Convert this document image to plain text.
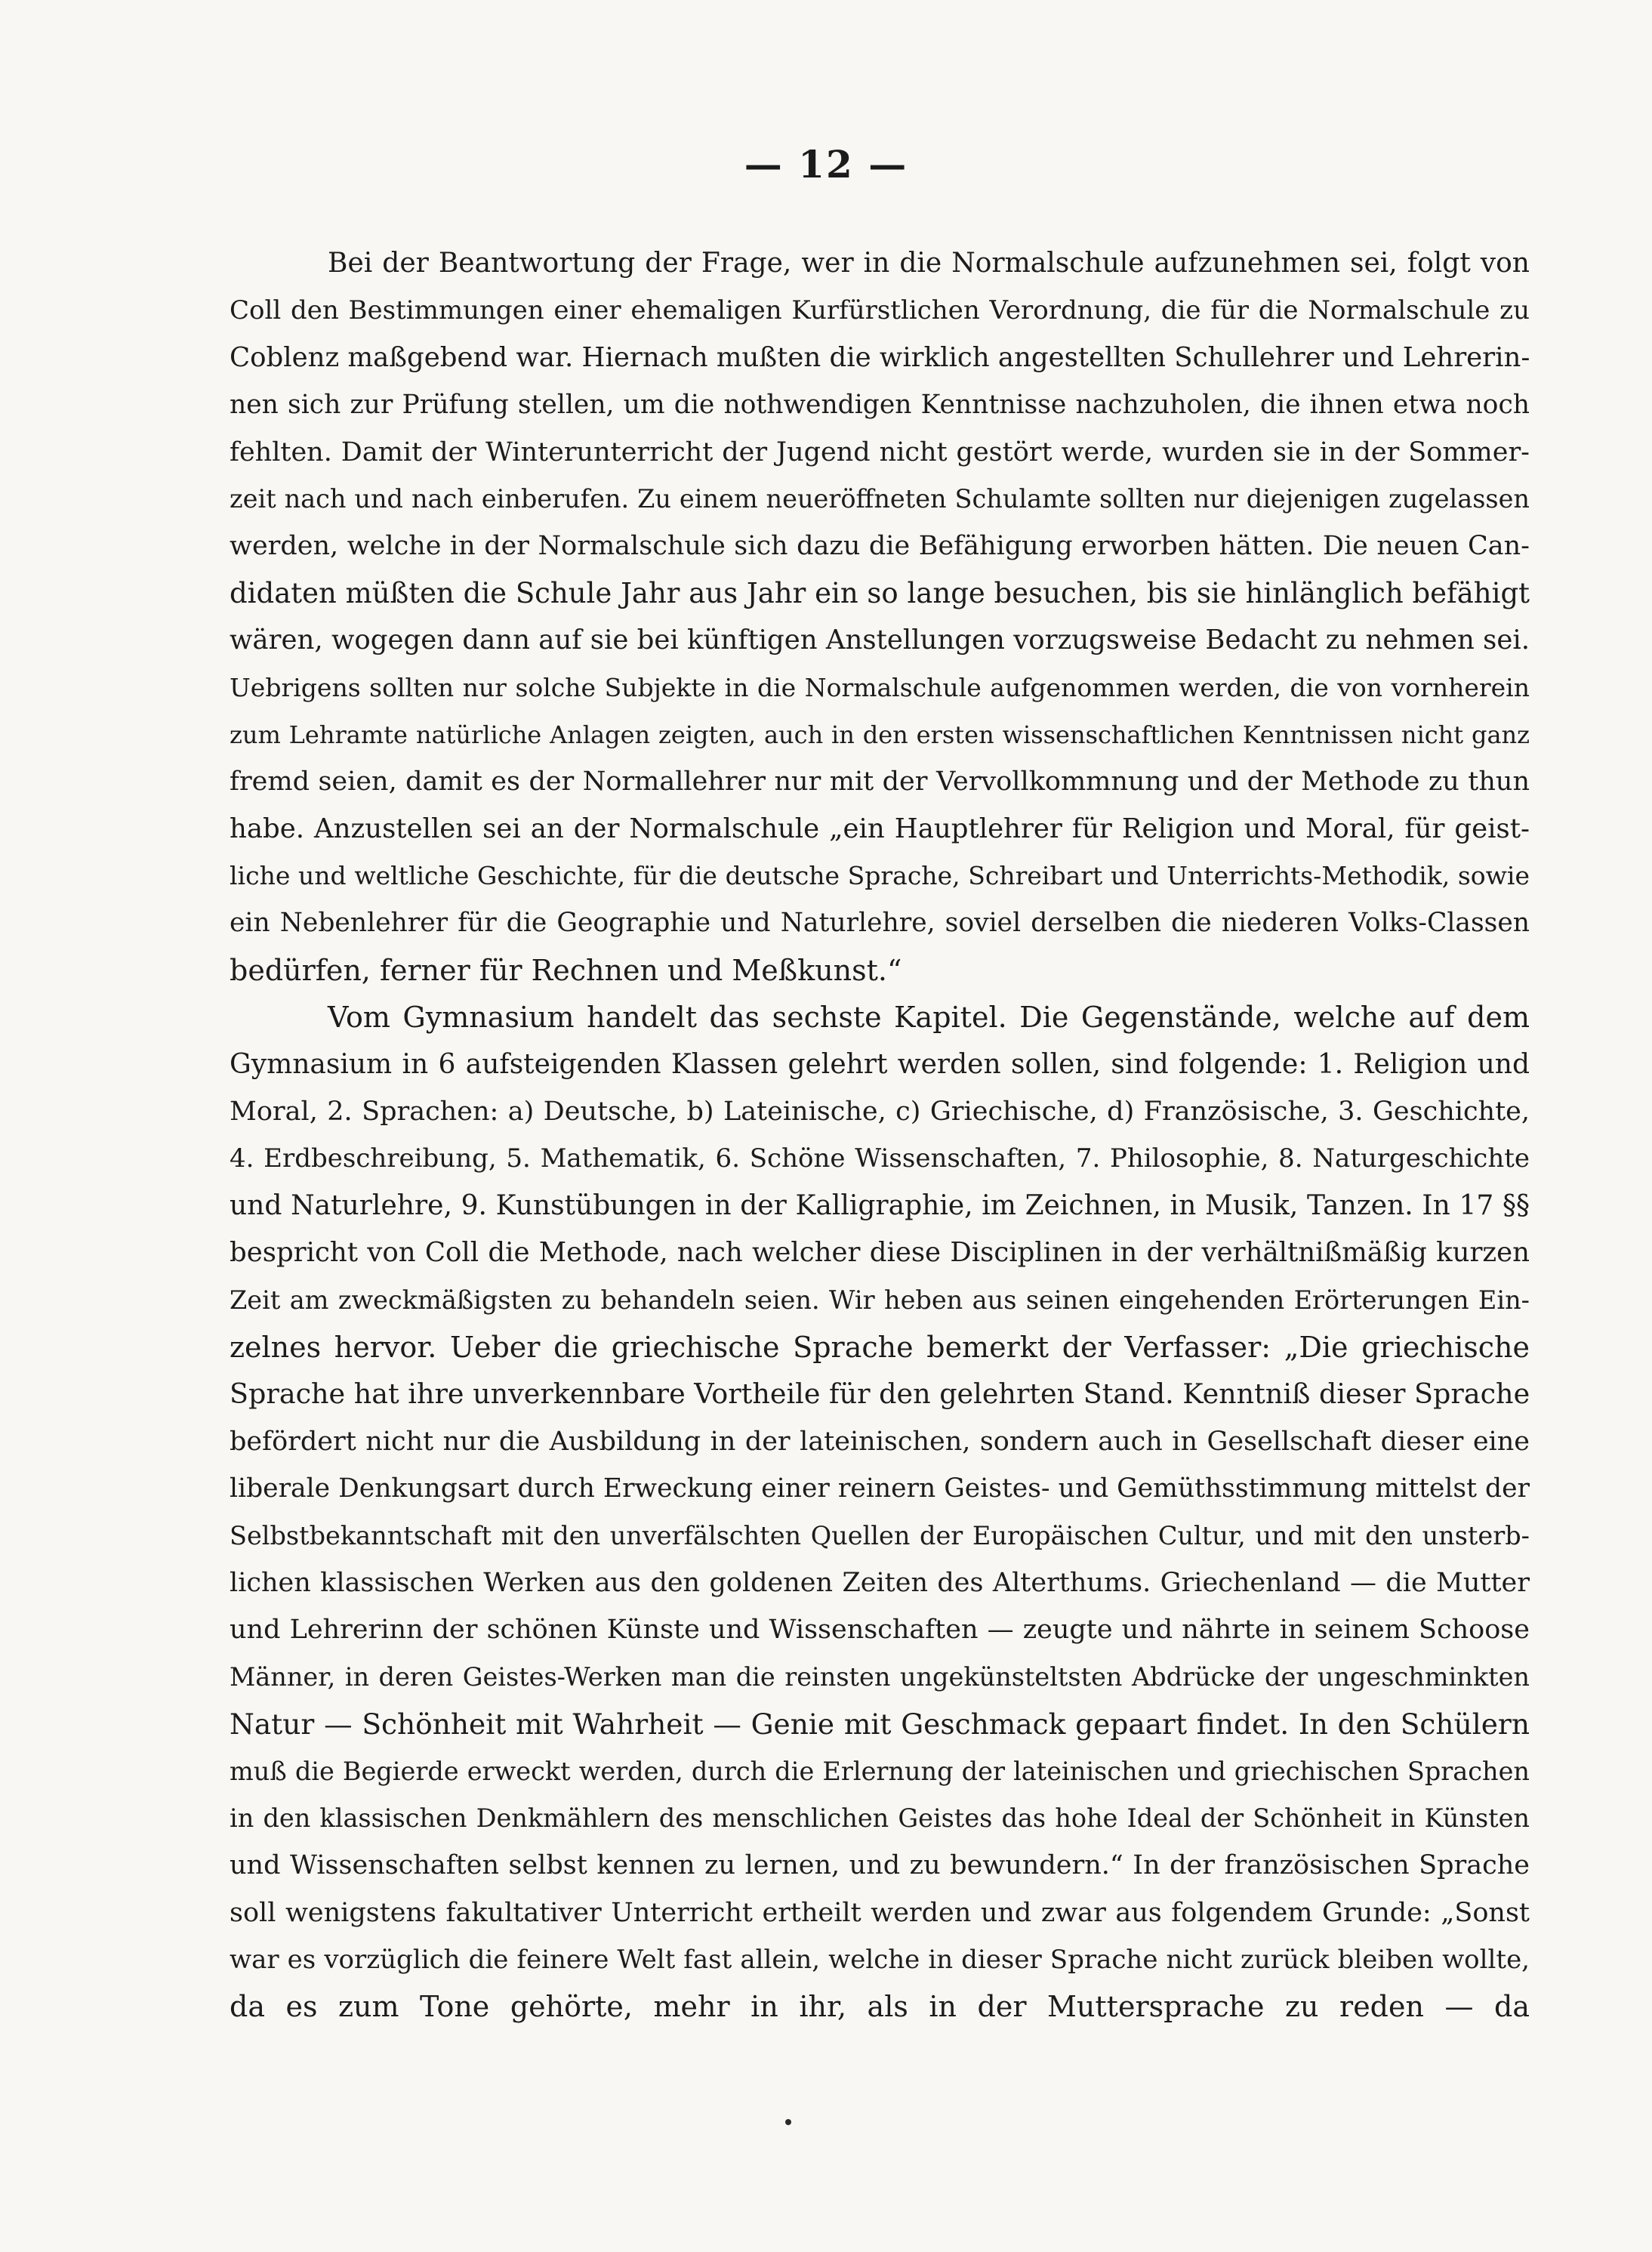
— 12 —
Bei der Beantwortung der Frage, wer in die Normalschule aufzunehmen sei, folgt von
Coll den Bestimmungen einer ehemaligen Kurfürstlichen Verordnung, die für die Normalschule zu
Coblenz maßgebend war. Hiernach mußten die wirklich angestellten Schullehrer und Lehrerin-
nen sich zur Prüfung stellen, um die nothwendigen Kenntnisse nachzuholen, die ihnen etwa noch
fehlten. Damit der Winterunterricht der Jugend nicht gestört werde, wurden sie in der Sommer-
zeit nach und nach einberufen. Zu einem neueröffneten Schulamte sollten nur diejenigen zugelassen
werden, welche in der Normalschule sich dazu die Befähigung erworben hätten. Die neuen Can-
didaten müßten die Schule Jahr aus Jahr ein so lange besuchen, bis sie hinlänglich befähigt
wären, wogegen dann auf sie bei künftigen Anstellungen vorzugsweise Bedacht zu nehmen sei.
Uebrigens sollten nur solche Subjekte in die Normalschule aufgenommen werden, die von vornherein
zum Lehramte natürliche Anlagen zeigten, auch in den ersten wissenschaftlichen Kenntnissen nicht ganz
fremd seien, damit es der Normallehrer nur mit der Vervollkommnung und der Methode zu thun
habe. Anzustellen sei an der Normalschule „ein Hauptlehrer für Religion und Moral, für geist-
liche und weltliche Geschichte, für die deutsche Sprache, Schreibart und Unterrichts-Methodik, sowie
ein Nebenlehrer für die Geographie und Naturlehre, soviel derselben die niederen Volks-Classen
bedürfen, ferner für Rechnen und Meßkunst.“
Vom Gymnasium handelt das sechste Kapitel. Die Gegenstände, welche auf dem
Gymnasium in 6 aufsteigenden Klassen gelehrt werden sollen, sind folgende: 1. Religion und
Moral, 2. Sprachen: a) Deutsche, b) Lateinische, c) Griechische, d) Französische, 3. Geschichte,
4. Erdbeschreibung, 5. Mathematik, 6. Schöne Wissenschaften, 7. Philosophie, 8. Naturgeschichte
und Naturlehre, 9. Kunstübungen in der Kalligraphie, im Zeichnen, in Musik, Tanzen. In 17 §§
bespricht von Coll die Methode, nach welcher diese Disciplinen in der verhältnißmäßig kurzen
Zeit am zweckmäßigsten zu behandeln seien. Wir heben aus seinen eingehenden Erörterungen Ein-
zelnes hervor. Ueber die griechische Sprache bemerkt der Verfasser: „Die griechische
Sprache hat ihre unverkennbare Vortheile für den gelehrten Stand. Kenntniß dieser Sprache
befördert nicht nur die Ausbildung in der lateinischen, sondern auch in Gesellschaft dieser eine
liberale Denkungsart durch Erweckung einer reinern Geistes- und Gemüthsstimmung mittelst der
Selbstbekanntschaft mit den unverfälschten Quellen der Europäischen Cultur, und mit den unsterb-
lichen klassischen Werken aus den goldenen Zeiten des Alterthums. Griechenland — die Mutter
und Lehrerinn der schönen Künste und Wissenschaften — zeugte und nährte in seinem Schoose
Männer, in deren Geistes-Werken man die reinsten ungekünsteltsten Abdrücke der ungeschminkten
Natur — Schönheit mit Wahrheit — Genie mit Geschmack gepaart findet. In den Schülern
muß die Begierde erweckt werden, durch die Erlernung der lateinischen und griechischen Sprachen
in den klassischen Denkmählern des menschlichen Geistes das hohe Ideal der Schönheit in Künsten
und Wissenschaften selbst kennen zu lernen, und zu bewundern.“ In der französischen Sprache
soll wenigstens fakultativer Unterricht ertheilt werden und zwar aus folgendem Grunde: „Sonst
war es vorzüglich die feinere Welt fast allein, welche in dieser Sprache nicht zurück bleiben wollte,
da es zum Tone gehörte, mehr in ihr, als in der Muttersprache zu reden — da
